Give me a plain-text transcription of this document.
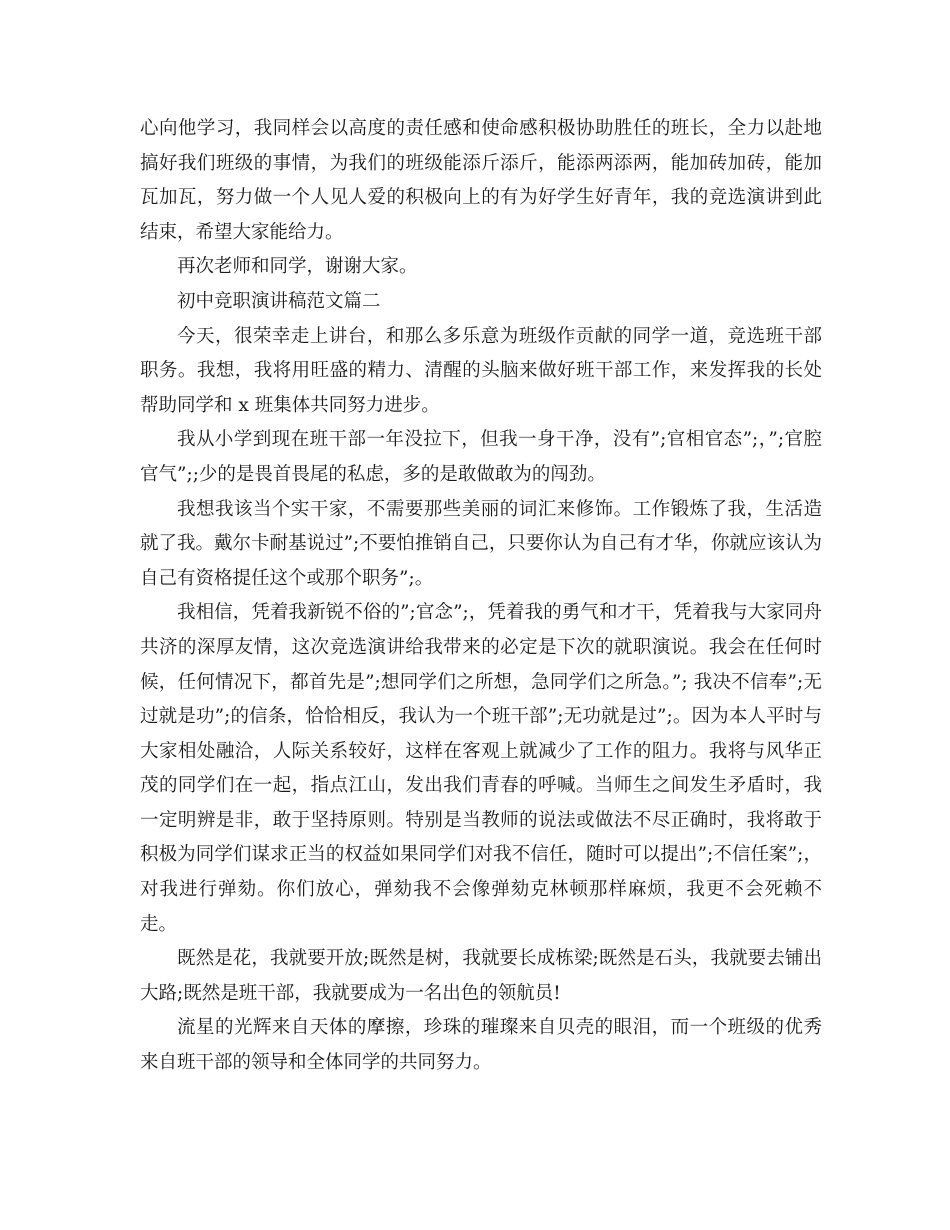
心向他学习，我同样会以高度的责任感和使命感积极协助胜任的班长，全力以赴地搞好我们班级的事情，为我们的班级能添斤添斤，能添两添两，能加砖加砖，能加瓦加瓦，努力做一个人见人爱的积极向上的有为好学生好青年，我的竞选演讲到此结束，希望大家能给力。

再次老师和同学，谢谢大家。

初中竞职演讲稿范文篇二

今天，很荣幸走上讲台，和那么多乐意为班级作贡献的同学一道，竞选班干部职务。我想，我将用旺盛的精力、清醒的头脑来做好班干部工作，来发挥我的长处帮助同学和 x 班集体共同努力进步。

我从小学到现在班干部一年没拉下，但我一身干净，没有”;官相官态”;，”;官腔官气”;;少的是畏首畏尾的私虑，多的是敢做敢为的闯劲。

我想我该当个实干家，不需要那些美丽的词汇来修饰。工作锻炼了我，生活造就了我。戴尔卡耐基说过”;不要怕推销自己，只要你认为自己有才华，你就应该认为自己有资格提任这个或那个职务”;。

我相信，凭着我新锐不俗的”;官念”;，凭着我的勇气和才干，凭着我与大家同舟共济的深厚友情，这次竞选演讲给我带来的必定是下次的就职演说。我会在任何时候，任何情况下，都首先是”;想同学们之所想，急同学们之所急。”; 我决不信奉”;无过就是功”;的信条，恰恰相反，我认为一个班干部”;无功就是过”;。因为本人平时与大家相处融洽，人际关系较好，这样在客观上就减少了工作的阻力。我将与风华正茂的同学们在一起，指点江山，发出我们青春的呼喊。当师生之间发生矛盾时，我一定明辨是非，敢于坚持原则。特别是当教师的说法或做法不尽正确时，我将敢于积极为同学们谋求正当的权益如果同学们对我不信任，随时可以提出”;不信任案”;， 对我进行弹劾。你们放心，弹劾我不会像弹劾克林顿那样麻烦，我更不会死赖不走。

既然是花，我就要开放;既然是树，我就要长成栋梁;既然是石头，我就要去铺出大路;既然是班干部，我就要成为一名出色的领航员!

流星的光辉来自天体的摩擦，珍珠的璀璨来自贝壳的眼泪，而一个班级的优秀来自班干部的领导和全体同学的共同努力。
